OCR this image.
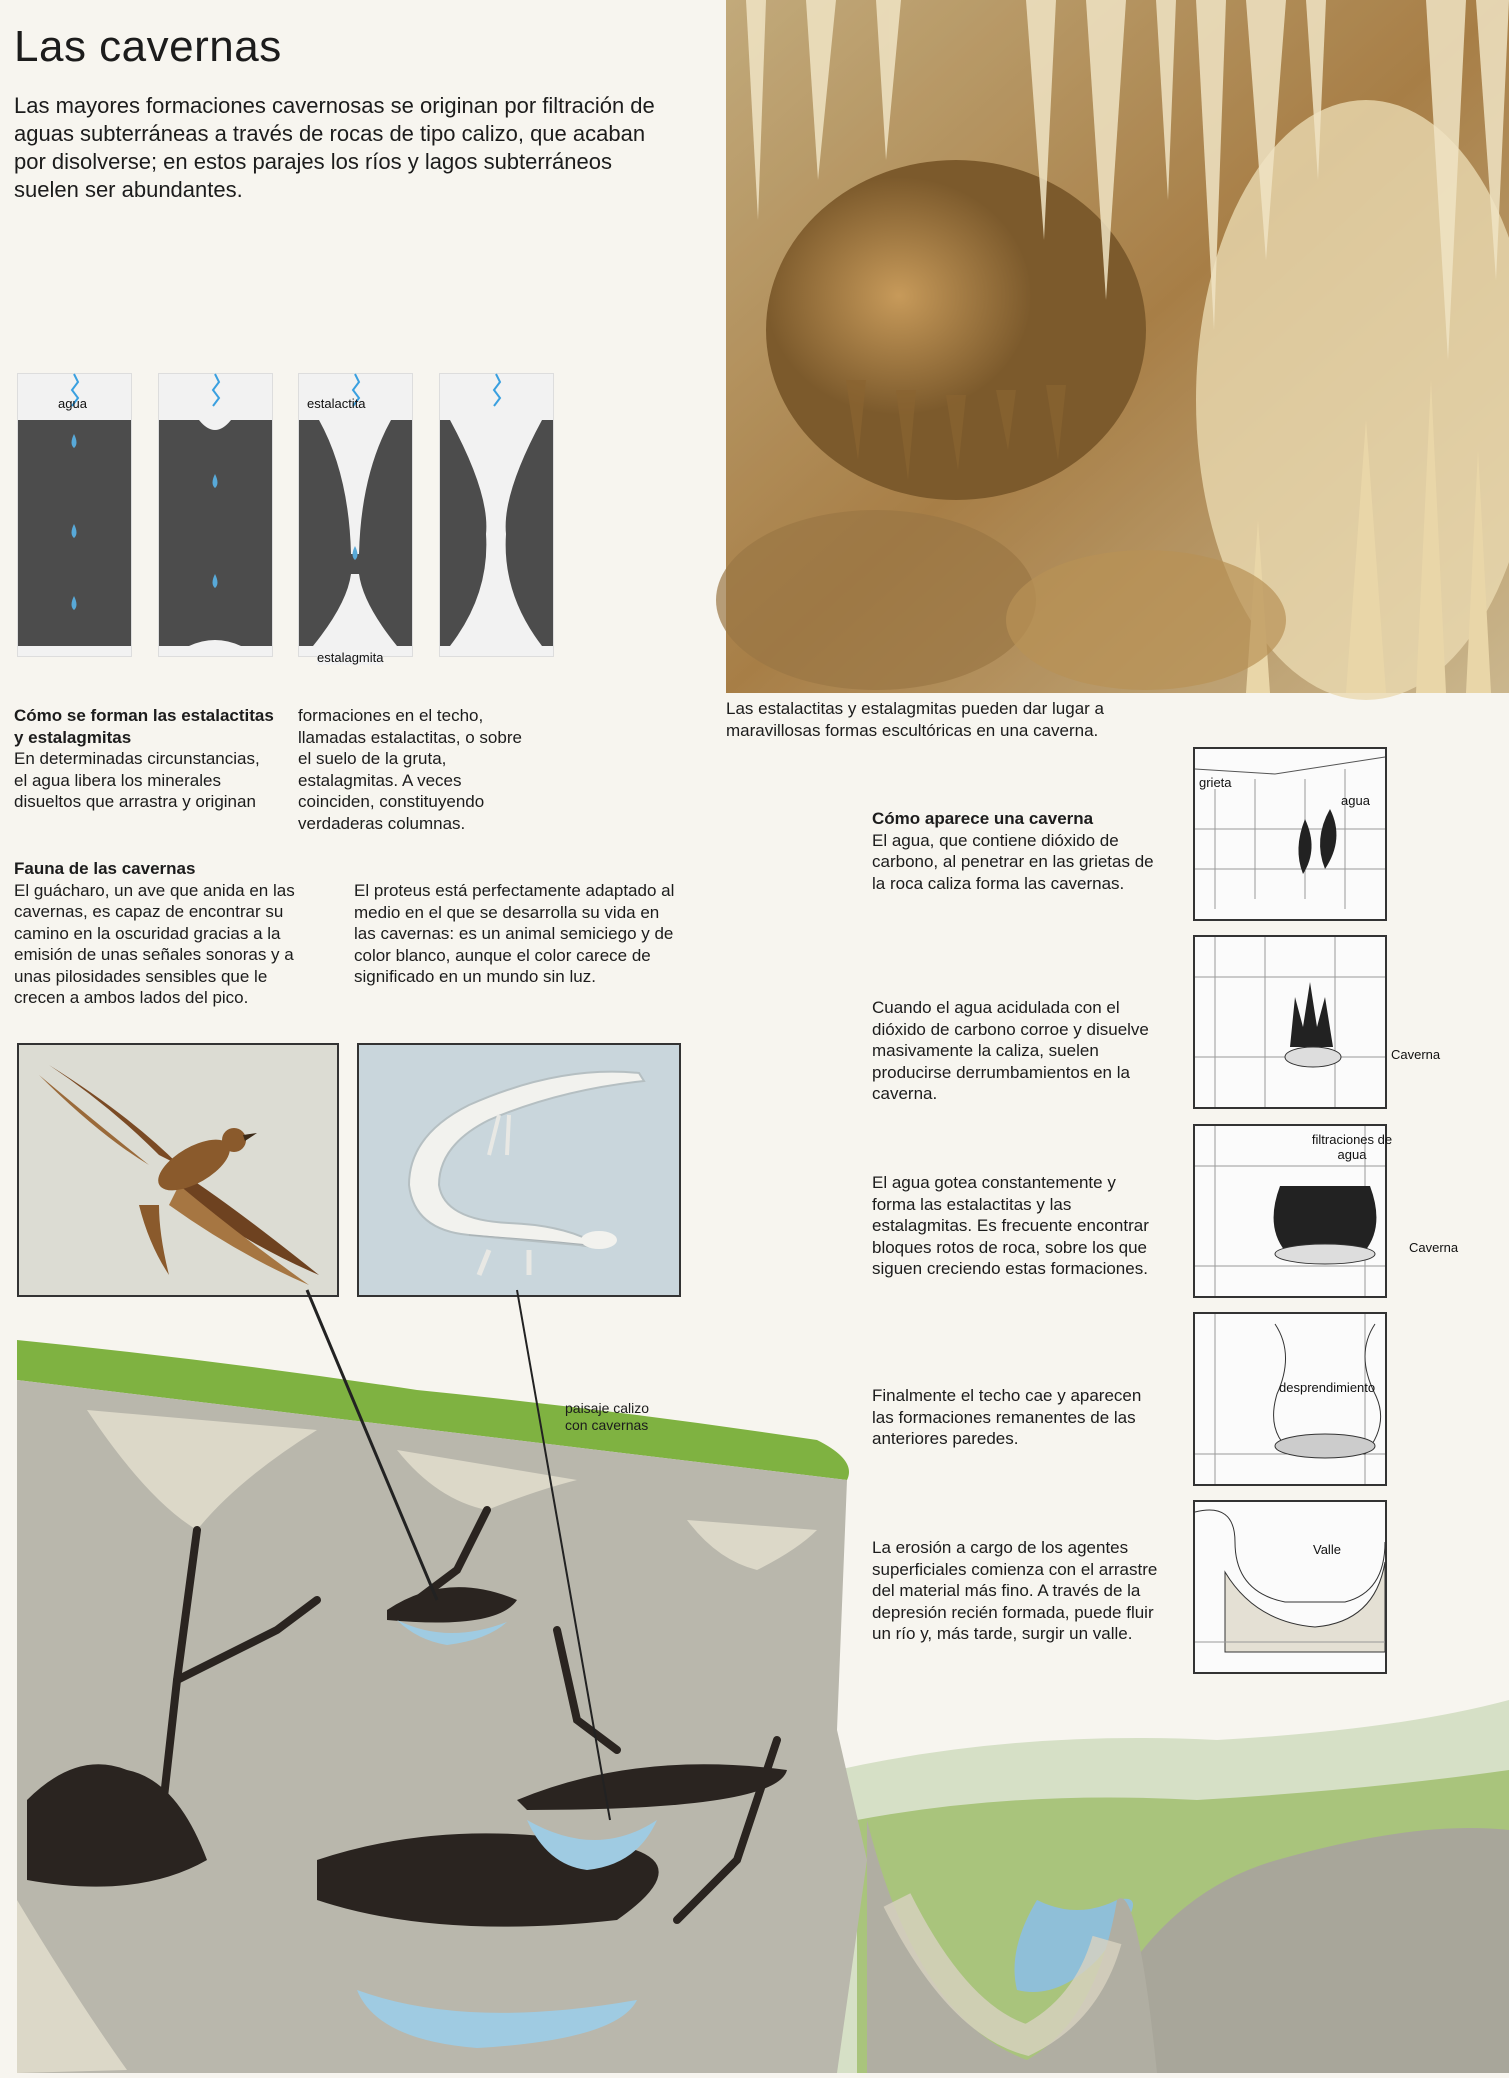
Las cavernas

Las mayores formaciones cavernosas se originan por filtración de aguas subterráneas a través de rocas de tipo calizo, que acaban por disolverse; en estos parajes los ríos y lagos subterráneos suelen ser abundantes.

Las estalactitas y estalagmitas pueden dar lugar a maravillosas formas escultóricas en una caverna.

agua	estalactita
estalagmita
Cómo se forman las estalactitas y estalagmitas
En determinadas circunstancias, el agua libera los minerales disueltos que arrastra y originan

formaciones en el techo, llamadas estalactitas, o sobre el suelo de la gruta, estalagmitas. A veces coinciden, constituyendo verdaderas columnas.

Fauna de las cavernas
El guácharo, un ave que anida en las cavernas, es capaz de encontrar su camino en la oscuridad gracias a la emisión de unas señales sonoras y a unas pilosidades sensibles que le crecen a ambos lados del pico.

El proteus está perfectamente adaptado al medio en el que se desarrolla su vida en las cavernas: es un animal semiciego y de color blanco, aunque el color carece de significado en un mundo sin luz.

paisaje calizo con cavernas

Cómo aparece una caverna
El agua, que contiene dióxido de carbono, al penetrar en las grietas de la roca caliza forma las cavernas.
grieta
agua

Cuando el agua acidulada con el dióxido de carbono corroe y disuelve masivamente la caliza, suelen producirse derrumbamientos en la caverna.

Caverna

El agua gotea constantemente y forma las estalactitas y las estalagmitas. Es frecuente encontrar bloques rotos de roca, sobre los que siguen creciendo estas formaciones.

filtraciones de agua
Caverna

Finalmente el techo cae y aparecen las formaciones remanentes de las anteriores paredes.

desprendimiento

La erosión a cargo de los agentes superficiales comienza con el arrastre del material más fino. A través de la depresión recién formada, puede fluir un río y, más tarde, surgir un valle.

Valle
